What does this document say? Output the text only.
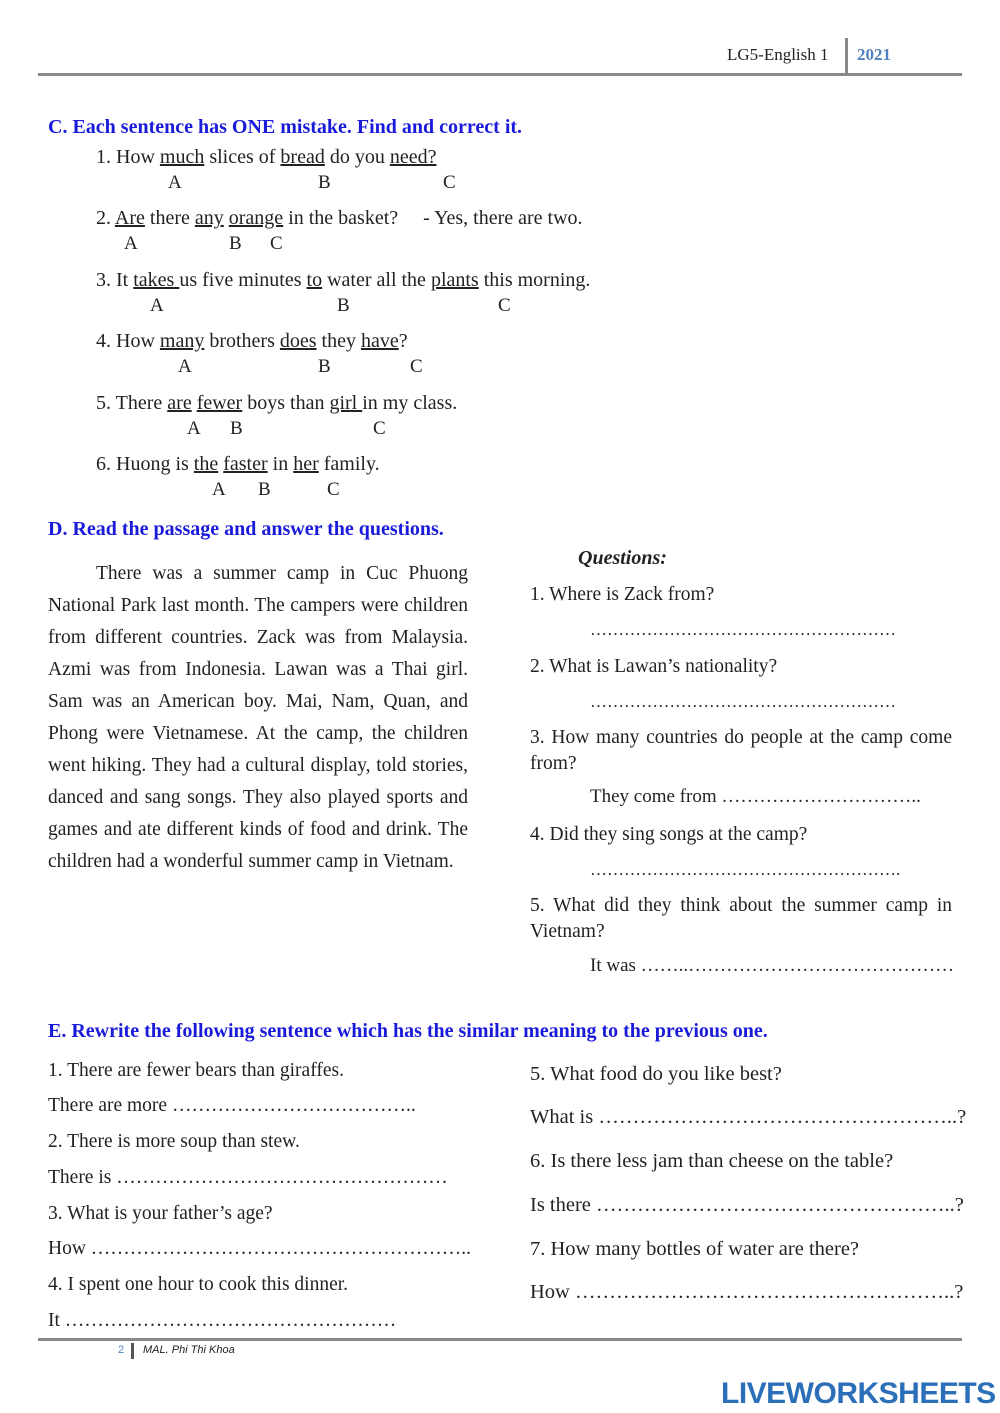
LG5-English 1 2021
C. Each sentence has ONE mistake. Find and correct it.
1. How much slices of bread do you need?
A	B	C
2. Are there any orange in the basket?     - Yes, there are two.
A	B C
3. It takes us five minutes to water all the plants this morning.
A	B	C
4. How many brothers does they have?
A	B	C
5. There are fewer boys than girl in my class.
A B	C
6. Huong is the faster in her family.
A B	C
D. Read the passage and answer the questions.
There was a summer camp in Cuc Phuong National Park last month. The campers were children from different countries. Zack was from Malaysia. Azmi was from Indonesia. Lawan was a Thai girl. Sam was an American boy. Mai, Nam, Quan, and Phong were Vietnamese. At the camp, the children went hiking. They had a cultural display, told stories, danced and sang songs. They also played sports and games and ate different kinds of food and drink. The children had a wonderful summer camp in Vietnam.
Questions:
1. Where is Zack from?
………………………………………………
2. What is Lawan’s nationality?
………………………………………………
3. How many countries do people at the camp come from?
They come from …………………………..
4. Did they sing songs at the camp?
……………………………………………….
5. What did they think about the summer camp in Vietnam?
It was ……..……………………………………
E. Rewrite the following sentence which has the similar meaning to the previous one.
1. There are fewer bears than giraffes.
There are more ………………………………..
2. There is more soup than stew.
There is ……………………………………………
3. What is your father’s age?
How …………………………………………………..
4. I spent one hour to cook this dinner.
It ……………………………………………
5. What food do you like best?
What is ……………………………………………..?
6. Is there less jam than cheese on the table?
Is there ……………………………………………..?
7. How many bottles of water are there?
How ………………………………………………..?
2 MAL. Phi Thi Khoa
LIVEWORKSHEETS
